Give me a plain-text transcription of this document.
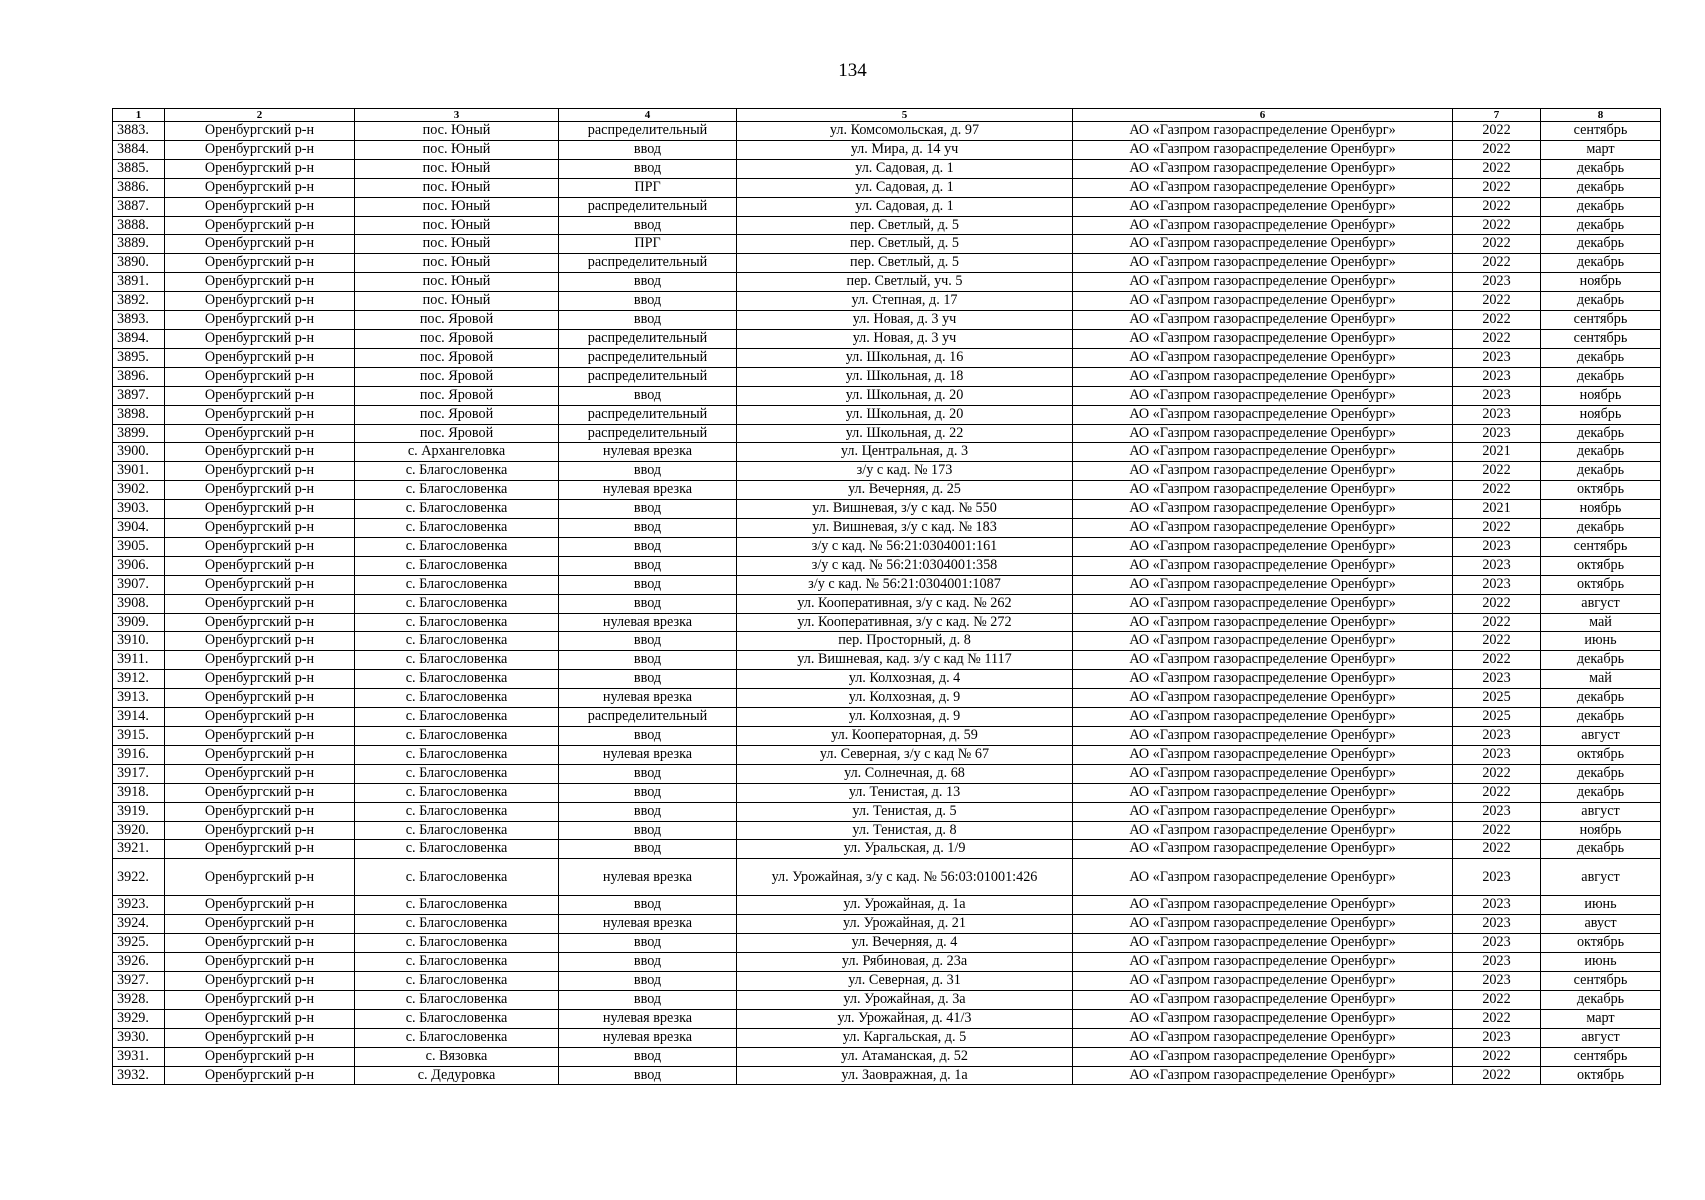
134
1	2	3	4	5	6	7	8
3883.	Оренбургский р-н	пос. Юный	распределительный	ул. Комсомольская, д. 97	АО «Газпром газораспределение Оренбург»	2022	сентябрь
3884.	Оренбургский р-н	пос. Юный	ввод	ул. Мира, д. 14 уч	АО «Газпром газораспределение Оренбург»	2022	март
3885.	Оренбургский р-н	пос. Юный	ввод	ул. Садовая, д. 1	АО «Газпром газораспределение Оренбург»	2022	декабрь
3886.	Оренбургский р-н	пос. Юный	ПРГ	ул. Садовая, д. 1	АО «Газпром газораспределение Оренбург»	2022	декабрь
3887.	Оренбургский р-н	пос. Юный	распределительный	ул. Садовая, д. 1	АО «Газпром газораспределение Оренбург»	2022	декабрь
3888.	Оренбургский р-н	пос. Юный	ввод	пер. Светлый, д. 5	АО «Газпром газораспределение Оренбург»	2022	декабрь
3889.	Оренбургский р-н	пос. Юный	ПРГ	пер. Светлый, д. 5	АО «Газпром газораспределение Оренбург»	2022	декабрь
3890.	Оренбургский р-н	пос. Юный	распределительный	пер. Светлый, д. 5	АО «Газпром газораспределение Оренбург»	2022	декабрь
3891.	Оренбургский р-н	пос. Юный	ввод	пер. Светлый, уч. 5	АО «Газпром газораспределение Оренбург»	2023	ноябрь
3892.	Оренбургский р-н	пос. Юный	ввод	ул. Степная, д. 17	АО «Газпром газораспределение Оренбург»	2022	декабрь
3893.	Оренбургский р-н	пос. Яровой	ввод	ул. Новая, д. 3 уч	АО «Газпром газораспределение Оренбург»	2022	сентябрь
3894.	Оренбургский р-н	пос. Яровой	распределительный	ул. Новая, д. 3 уч	АО «Газпром газораспределение Оренбург»	2022	сентябрь
3895.	Оренбургский р-н	пос. Яровой	распределительный	ул. Школьная, д. 16	АО «Газпром газораспределение Оренбург»	2023	декабрь
3896.	Оренбургский р-н	пос. Яровой	распределительный	ул. Школьная, д. 18	АО «Газпром газораспределение Оренбург»	2023	декабрь
3897.	Оренбургский р-н	пос. Яровой	ввод	ул. Школьная, д. 20	АО «Газпром газораспределение Оренбург»	2023	ноябрь
3898.	Оренбургский р-н	пос. Яровой	распределительный	ул. Школьная, д. 20	АО «Газпром газораспределение Оренбург»	2023	ноябрь
3899.	Оренбургский р-н	пос. Яровой	распределительный	ул. Школьная, д. 22	АО «Газпром газораспределение Оренбург»	2023	декабрь
3900.	Оренбургский р-н	с. Архангеловка	нулевая врезка	ул. Центральная, д. 3	АО «Газпром газораспределение Оренбург»	2021	декабрь
3901.	Оренбургский р-н	с. Благословенка	ввод	з/у с кад. № 173	АО «Газпром газораспределение Оренбург»	2022	декабрь
3902.	Оренбургский р-н	с. Благословенка	нулевая врезка	ул. Вечерняя, д. 25	АО «Газпром газораспределение Оренбург»	2022	октябрь
3903.	Оренбургский р-н	с. Благословенка	ввод	ул. Вишневая, з/у с кад. № 550	АО «Газпром газораспределение Оренбург»	2021	ноябрь
3904.	Оренбургский р-н	с. Благословенка	ввод	ул. Вишневая, з/у с кад. № 183	АО «Газпром газораспределение Оренбург»	2022	декабрь
3905.	Оренбургский р-н	с. Благословенка	ввод	з/у с кад. № 56:21:0304001:161	АО «Газпром газораспределение Оренбург»	2023	сентябрь
3906.	Оренбургский р-н	с. Благословенка	ввод	з/у с кад. № 56:21:0304001:358	АО «Газпром газораспределение Оренбург»	2023	октябрь
3907.	Оренбургский р-н	с. Благословенка	ввод	з/у с кад. № 56:21:0304001:1087	АО «Газпром газораспределение Оренбург»	2023	октябрь
3908.	Оренбургский р-н	с. Благословенка	ввод	ул. Кооперативная, з/у с кад. № 262	АО «Газпром газораспределение Оренбург»	2022	август
3909.	Оренбургский р-н	с. Благословенка	нулевая врезка	ул. Кооперативная, з/у с кад. № 272	АО «Газпром газораспределение Оренбург»	2022	май
3910.	Оренбургский р-н	с. Благословенка	ввод	пер. Просторный, д. 8	АО «Газпром газораспределение Оренбург»	2022	июнь
3911.	Оренбургский р-н	с. Благословенка	ввод	ул. Вишневая, кад. з/у с кад № 1117	АО «Газпром газораспределение Оренбург»	2022	декабрь
3912.	Оренбургский р-н	с. Благословенка	ввод	ул. Колхозная, д. 4	АО «Газпром газораспределение Оренбург»	2023	май
3913.	Оренбургский р-н	с. Благословенка	нулевая врезка	ул. Колхозная, д. 9	АО «Газпром газораспределение Оренбург»	2025	декабрь
3914.	Оренбургский р-н	с. Благословенка	распределительный	ул. Колхозная, д. 9	АО «Газпром газораспределение Оренбург»	2025	декабрь
3915.	Оренбургский р-н	с. Благословенка	ввод	ул. Кооператорная, д. 59	АО «Газпром газораспределение Оренбург»	2023	август
3916.	Оренбургский р-н	с. Благословенка	нулевая врезка	ул. Северная, з/у с кад № 67	АО «Газпром газораспределение Оренбург»	2023	октябрь
3917.	Оренбургский р-н	с. Благословенка	ввод	ул. Солнечная, д. 68	АО «Газпром газораспределение Оренбург»	2022	декабрь
3918.	Оренбургский р-н	с. Благословенка	ввод	ул. Тенистая, д. 13	АО «Газпром газораспределение Оренбург»	2022	декабрь
3919.	Оренбургский р-н	с. Благословенка	ввод	ул. Тенистая, д. 5	АО «Газпром газораспределение Оренбург»	2023	август
3920.	Оренбургский р-н	с. Благословенка	ввод	ул. Тенистая, д. 8	АО «Газпром газораспределение Оренбург»	2022	ноябрь
3921.	Оренбургский р-н	с. Благословенка	ввод	ул. Уральская, д. 1/9	АО «Газпром газораспределение Оренбург»	2022	декабрь
3922.	Оренбургский р-н	с. Благословенка	нулевая врезка	ул. Урожайная, з/у с кад. № 56:03:01001:426	АО «Газпром газораспределение Оренбург»	2023	август
3923.	Оренбургский р-н	с. Благословенка	ввод	ул. Урожайная, д. 1а	АО «Газпром газораспределение Оренбург»	2023	июнь
3924.	Оренбургский р-н	с. Благословенка	нулевая врезка	ул. Урожайная, д. 21	АО «Газпром газораспределение Оренбург»	2023	авуст
3925.	Оренбургский р-н	с. Благословенка	ввод	ул. Вечерняя, д. 4	АО «Газпром газораспределение Оренбург»	2023	октябрь
3926.	Оренбургский р-н	с. Благословенка	ввод	ул. Рябиновая, д. 23а	АО «Газпром газораспределение Оренбург»	2023	июнь
3927.	Оренбургский р-н	с. Благословенка	ввод	ул. Северная, д. 31	АО «Газпром газораспределение Оренбург»	2023	сентябрь
3928.	Оренбургский р-н	с. Благословенка	ввод	ул. Урожайная, д. 3а	АО «Газпром газораспределение Оренбург»	2022	декабрь
3929.	Оренбургский р-н	с. Благословенка	нулевая врезка	ул. Урожайная, д. 41/3	АО «Газпром газораспределение Оренбург»	2022	март
3930.	Оренбургский р-н	с. Благословенка	нулевая врезка	ул. Каргальская, д. 5	АО «Газпром газораспределение Оренбург»	2023	август
3931.	Оренбургский р-н	с. Вязовка	ввод	ул. Атаманская, д. 52	АО «Газпром газораспределение Оренбург»	2022	сентябрь
3932.	Оренбургский р-н	с. Дедуровка	ввод	ул. Заовражная, д. 1а	АО «Газпром газораспределение Оренбург»	2022	октябрь
